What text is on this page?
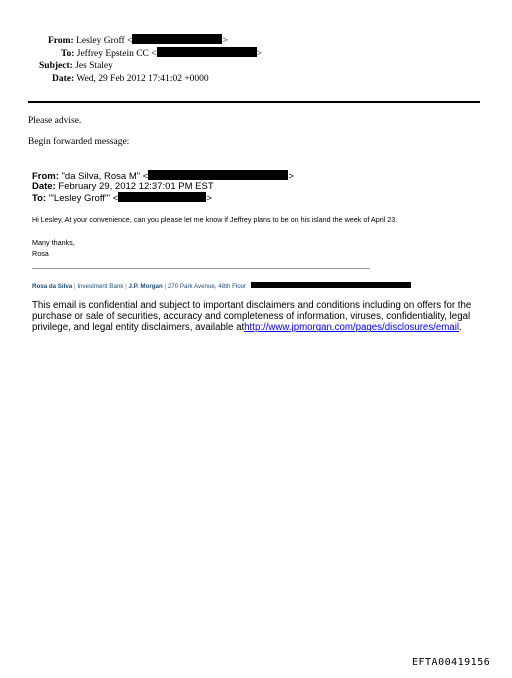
From: Lesley Groff <	>
To: Jeffrey Epstein CC <	>
Subject: Jes Staley
Date: Wed, 29 Feb 2012 17:41:02 +0000
Please advise.
Begin forwarded message:
From: "da Silva, Rosa M" <	>
Date: February 29, 2012 12:37:01 PM EST
To: "'Lesley Groff'" <	>
Hi Lesley, At your convenience, can you please let me know if Jeffrey plans to be on his island the week of April 23.
Many thanks,
Rosa
Rosa da Silva | Investment Bank | J.P. Morgan | 270 Park Avenue, 48th Floor
This email is confidential and subject to important disclaimers and conditions including on offers for the purchase or sale of securities, accuracy and completeness of information, viruses, confidentiality, legal privilege, and legal entity disclaimers, available athttp://www.jpmorgan.com/pages/disclosures/email.
EFTA00419156
